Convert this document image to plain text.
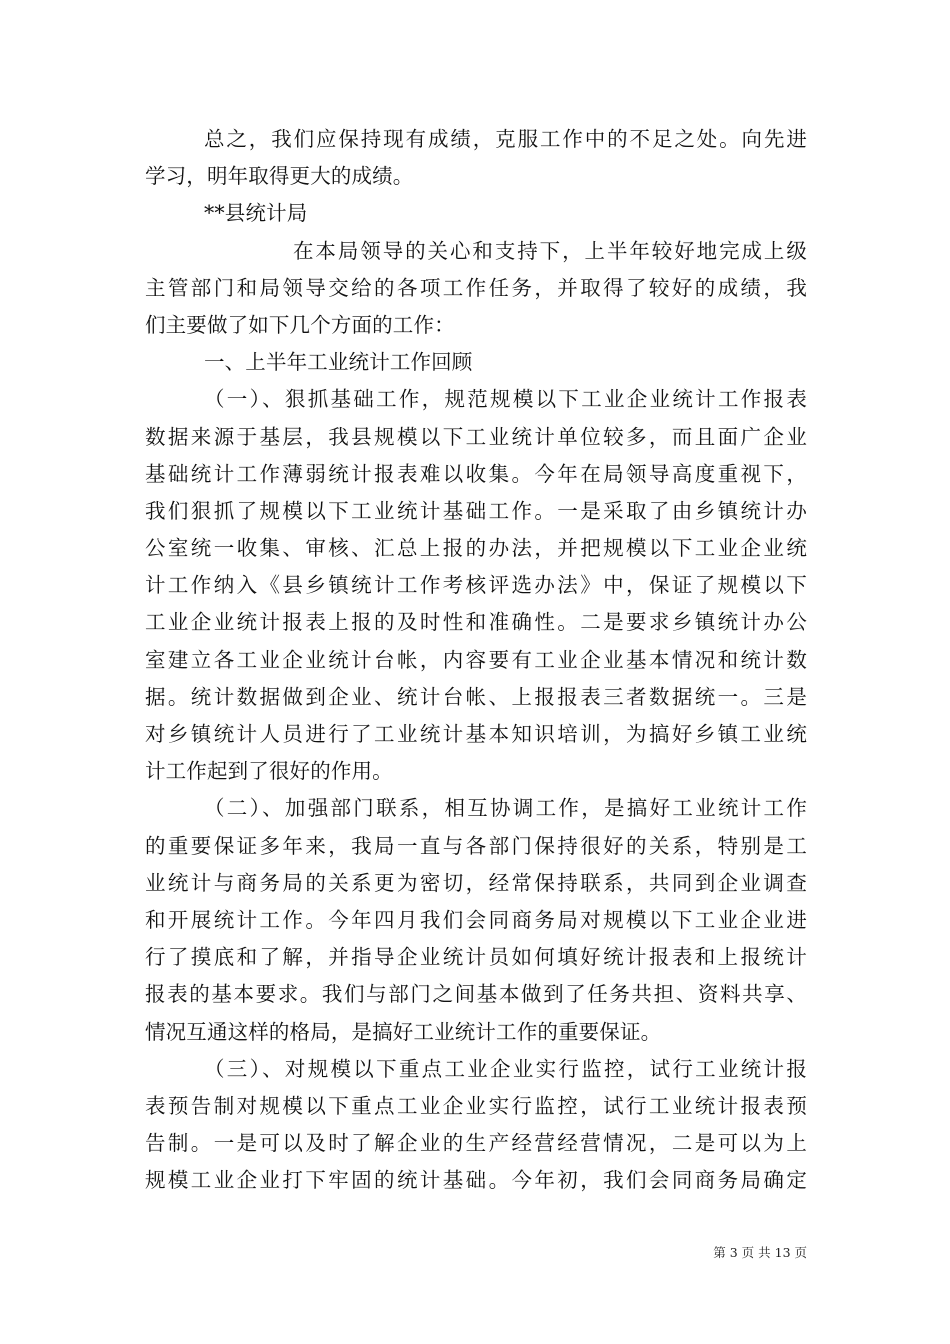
总之，我们应保持现有成绩，克服工作中的不足之处。向先进
学习，明年取得更大的成绩。
**县统计局
在本局领导的关心和支持下，上半年较好地完成上级
主管部门和局领导交给的各项工作任务，并取得了较好的成绩，我
们主要做了如下几个方面的工作：
一、上半年工业统计工作回顾
（一）、狠抓基础工作，规范规模以下工业企业统计工作报表
数据来源于基层，我县规模以下工业统计单位较多，而且面广企业
基础统计工作薄弱统计报表难以收集。今年在局领导高度重视下，
我们狠抓了规模以下工业统计基础工作。一是采取了由乡镇统计办
公室统一收集、审核、汇总上报的办法，并把规模以下工业企业统
计工作纳入《县乡镇统计工作考核评选办法》中，保证了规模以下
工业企业统计报表上报的及时性和准确性。二是要求乡镇统计办公
室建立各工业企业统计台帐，内容要有工业企业基本情况和统计数
据。统计数据做到企业、统计台帐、上报报表三者数据统一。三是
对乡镇统计人员进行了工业统计基本知识培训，为搞好乡镇工业统
计工作起到了很好的作用。
（二）、加强部门联系，相互协调工作，是搞好工业统计工作
的重要保证多年来，我局一直与各部门保持很好的关系，特别是工
业统计与商务局的关系更为密切，经常保持联系，共同到企业调查
和开展统计工作。今年四月我们会同商务局对规模以下工业企业进
行了摸底和了解，并指导企业统计员如何填好统计报表和上报统计
报表的基本要求。我们与部门之间基本做到了任务共担、资料共享、
情况互通这样的格局，是搞好工业统计工作的重要保证。
（三）、对规模以下重点工业企业实行监控，试行工业统计报
表预告制对规模以下重点工业企业实行监控，试行工业统计报表预
告制。一是可以及时了解企业的生产经营经营情况，二是可以为上
规模工业企业打下牢固的统计基础。今年初，我们会同商务局确定
第 3 页 共 13 页
